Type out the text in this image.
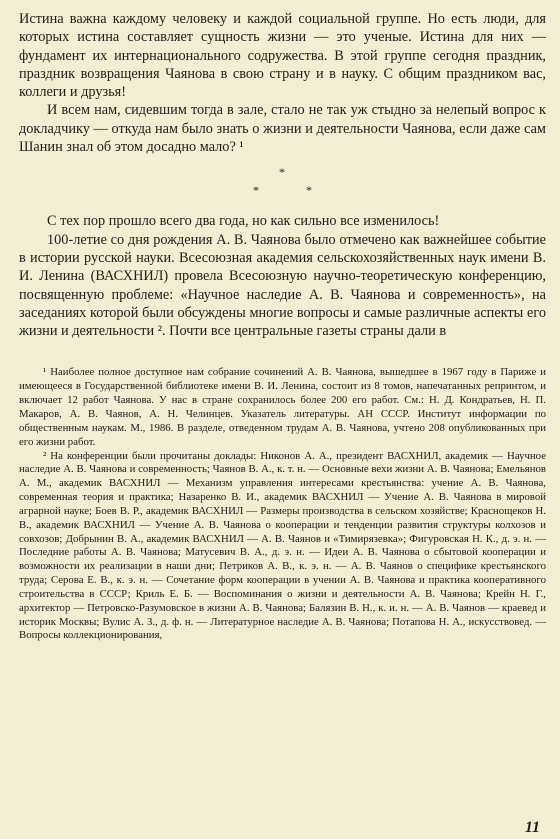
Истина важна каждому человеку и каждой социальной группе. Но есть люди, для которых истина составляет сущность жизни — это ученые. Истина для них — фундамент их интернационального содружества. В этой группе сегодня праздник, праздник возвращения Чаянова в свою страну и в науку. С общим праздником вас, коллеги и друзья!

И всем нам, сидевшим тогда в зале, стало не так уж стыдно за нелепый вопрос к докладчику — откуда нам было знать о жизни и деятельности Чаянова, если даже сам Шанин знал об этом досадно мало? ¹

*
*	*

С тех пор прошло всего два года, но как сильно все изменилось!

100-летие со дня рождения А. В. Чаянова было отмечено как важнейшее событие в истории русской науки. Всесоюзная академия сельскохозяйственных наук имени В. И. Ленина (ВАСХНИЛ) провела Всесоюзную научно-теоретическую конференцию, посвященную проблеме: «Научное наследие А. В. Чаянова и современность», на заседаниях которой были обсуждены многие вопросы и самые различные аспекты его жизни и деятельности ². Почти все центральные газеты страны дали в

¹ Наиболее полное доступное нам собрание сочинений А. В. Чаянова, вышедшее в 1967 году в Париже и имеющееся в Государственной библиотеке имени В. И. Ленина, состоит из 8 томов, напечатанных репринтом, и включает 12 работ Чаянова. У нас в стране сохранилось более 200 его работ. См.: Н. Д. Кондратьев, Н. П. Макаров, А. В. Чаянов, А. Н. Челинцев. Указатель литературы. АН СССР. Институт информации по общественным наукам. М., 1986. В разделе, отведенном трудам А. В. Чаянова, учтено 208 опубликованных при его жизни работ.

² На конференции были прочитаны доклады: Никонов А. А., президент ВАСХНИЛ, академик — Научное наследие А. В. Чаянова и современность; Чаянов В. А., к. т. н. — Основные вехи жизни А. В. Чаянова; Емельянов А. М., академик ВАСХНИЛ — Механизм управления интересами крестьянства: учение А. В. Чаянова, современная теория и практика; Назаренко В. И., академик ВАСХНИЛ — Учение А. В. Чаянова в мировой аграрной науке; Боев В. Р., академик ВАСХНИЛ — Размеры производства в сельском хозяйстве; Краснощеков Н. В., академик ВАСХНИЛ — Учение А. В. Чаянова о кооперации и тенденции развития структуры колхозов и совхозов; Добрынин В. А., академик ВАСХНИЛ — А. В. Чаянов и «Тимирязевка»; Фигуровская Н. К., д. э. н. — Последние работы А. В. Чаянова; Матусевич В. А., д. э. н. — Идеи А. В. Чаянова о сбытовой кооперации и возможности их реализации в наши дни; Петриков А. В., к. э. н. — А. В. Чаянов о специфике крестьянского труда; Серова Е. В., к. э. н. — Сочетание форм кооперации в учении А. В. Чаянова и практика кооперативного строительства в СССР; Криль Е. Б. — Воспоминания о жизни и деятельности А. В. Чаянова; Крейн Н. Г., архитектор — Петровско-Разумовское в жизни А. В. Чаянова; Балязин В. Н., к. и. н. — А. В. Чаянов — краевед и историк Москвы; Вулис А. З., д. ф. н. — Литературное наследие А. В. Чаянова; Потапова Н. А., искусствовед. — Вопросы коллекционирования,

11
